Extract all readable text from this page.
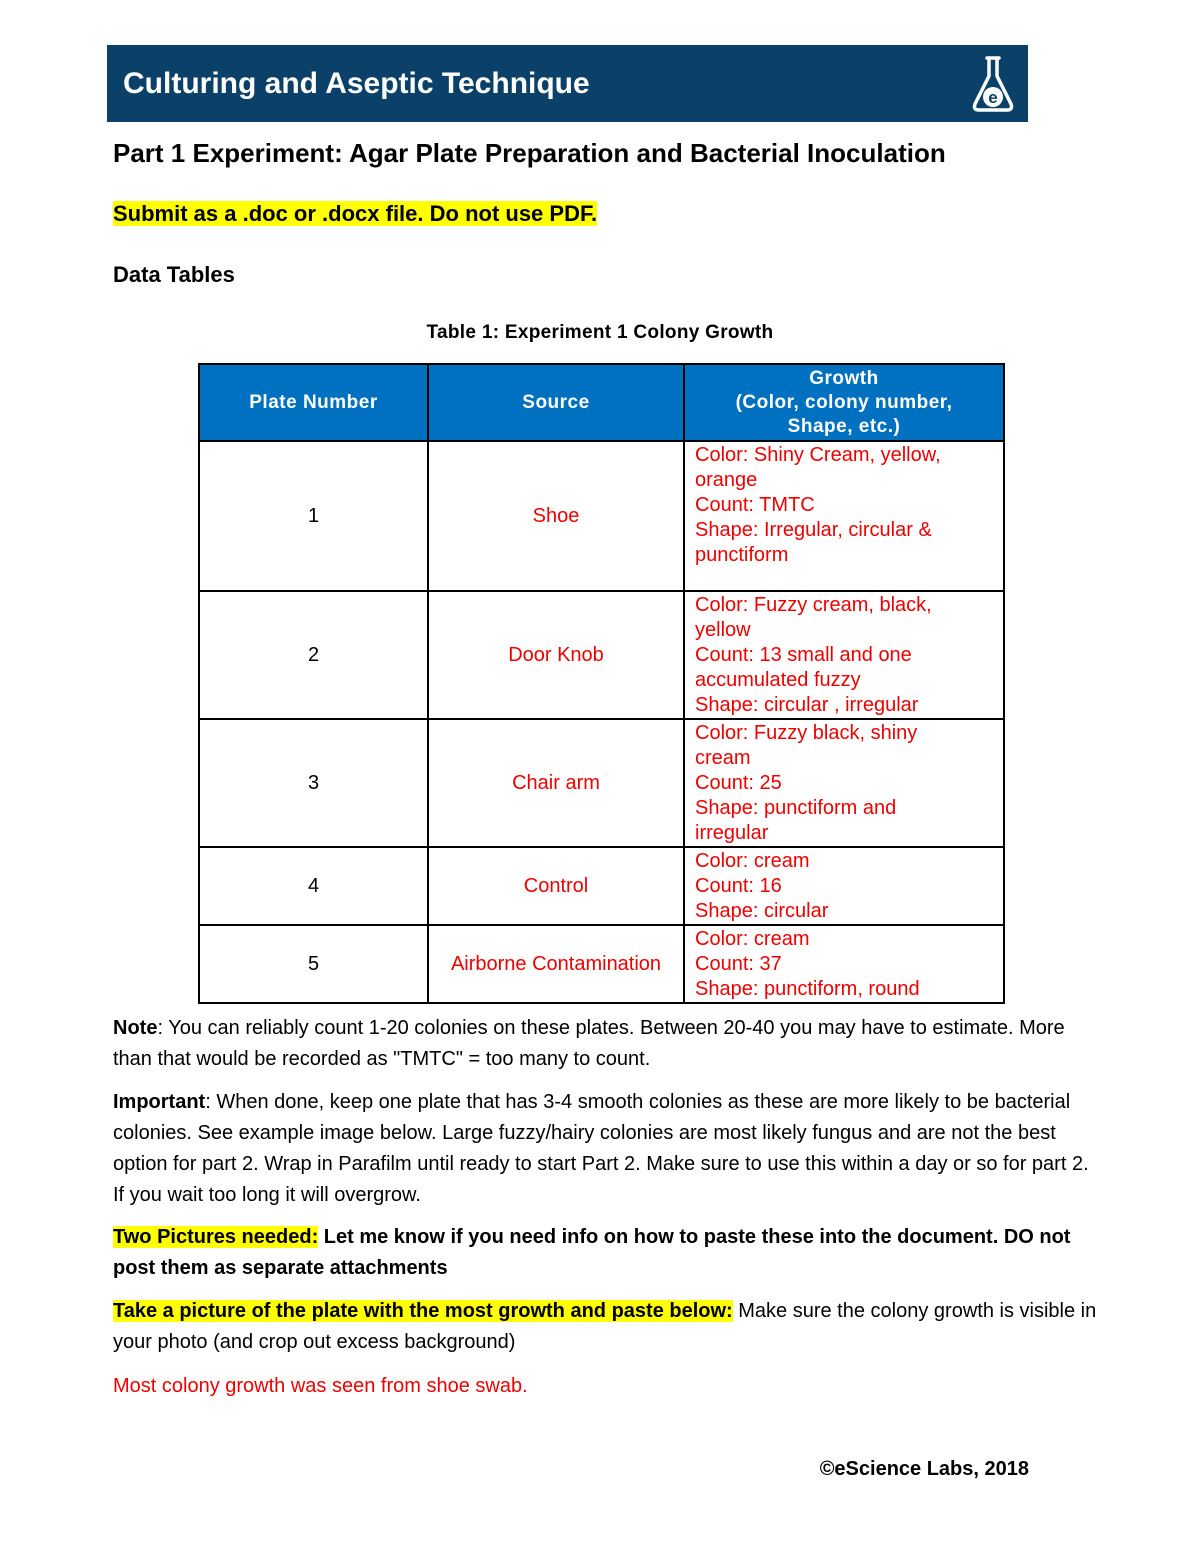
Culturing and Aseptic Technique	e
Part 1 Experiment: Agar Plate Preparation and Bacterial Inoculation
Submit as a .doc or .docx file. Do not use PDF.
Data Tables
Table 1: Experiment 1 Colony Growth
Plate Number	Source	Growth
(Color, colony number,
Shape, etc.)

1	Shoe	Color: Shiny Cream, yellow,
orange
Count: TMTC
Shape: Irregular, circular &
punctiform

2	Door Knob	Color: Fuzzy cream, black,
yellow
Count: 13 small and one
accumulated fuzzy
Shape: circular , irregular

3	Chair arm	Color: Fuzzy black, shiny
cream
Count: 25
Shape: punctiform and
irregular

4	Control	Color: cream
Count: 16
Shape: circular

5	Airborne Contamination	Color: cream
Count: 37
Shape: punctiform, round
Note: You can reliably count 1-20 colonies on these plates. Between 20-40 you may have to estimate. More than that would be recorded as "TMTC" = too many to count.
Important: When done, keep one plate that has 3-4 smooth colonies as these are more likely to be bacterial colonies. See example image below. Large fuzzy/hairy colonies are most likely fungus and are not the best option for part 2. Wrap in Parafilm until ready to start Part 2. Make sure to use this within a day or so for part 2. If you wait too long it will overgrow.
Two Pictures needed: Let me know if you need info on how to paste these into the document. DO not post them as separate attachments
Take a picture of the plate with the most growth and paste below: Make sure the colony growth is visible in your photo (and crop out excess background)
Most colony growth was seen from shoe swab.
©eScience Labs, 2018
